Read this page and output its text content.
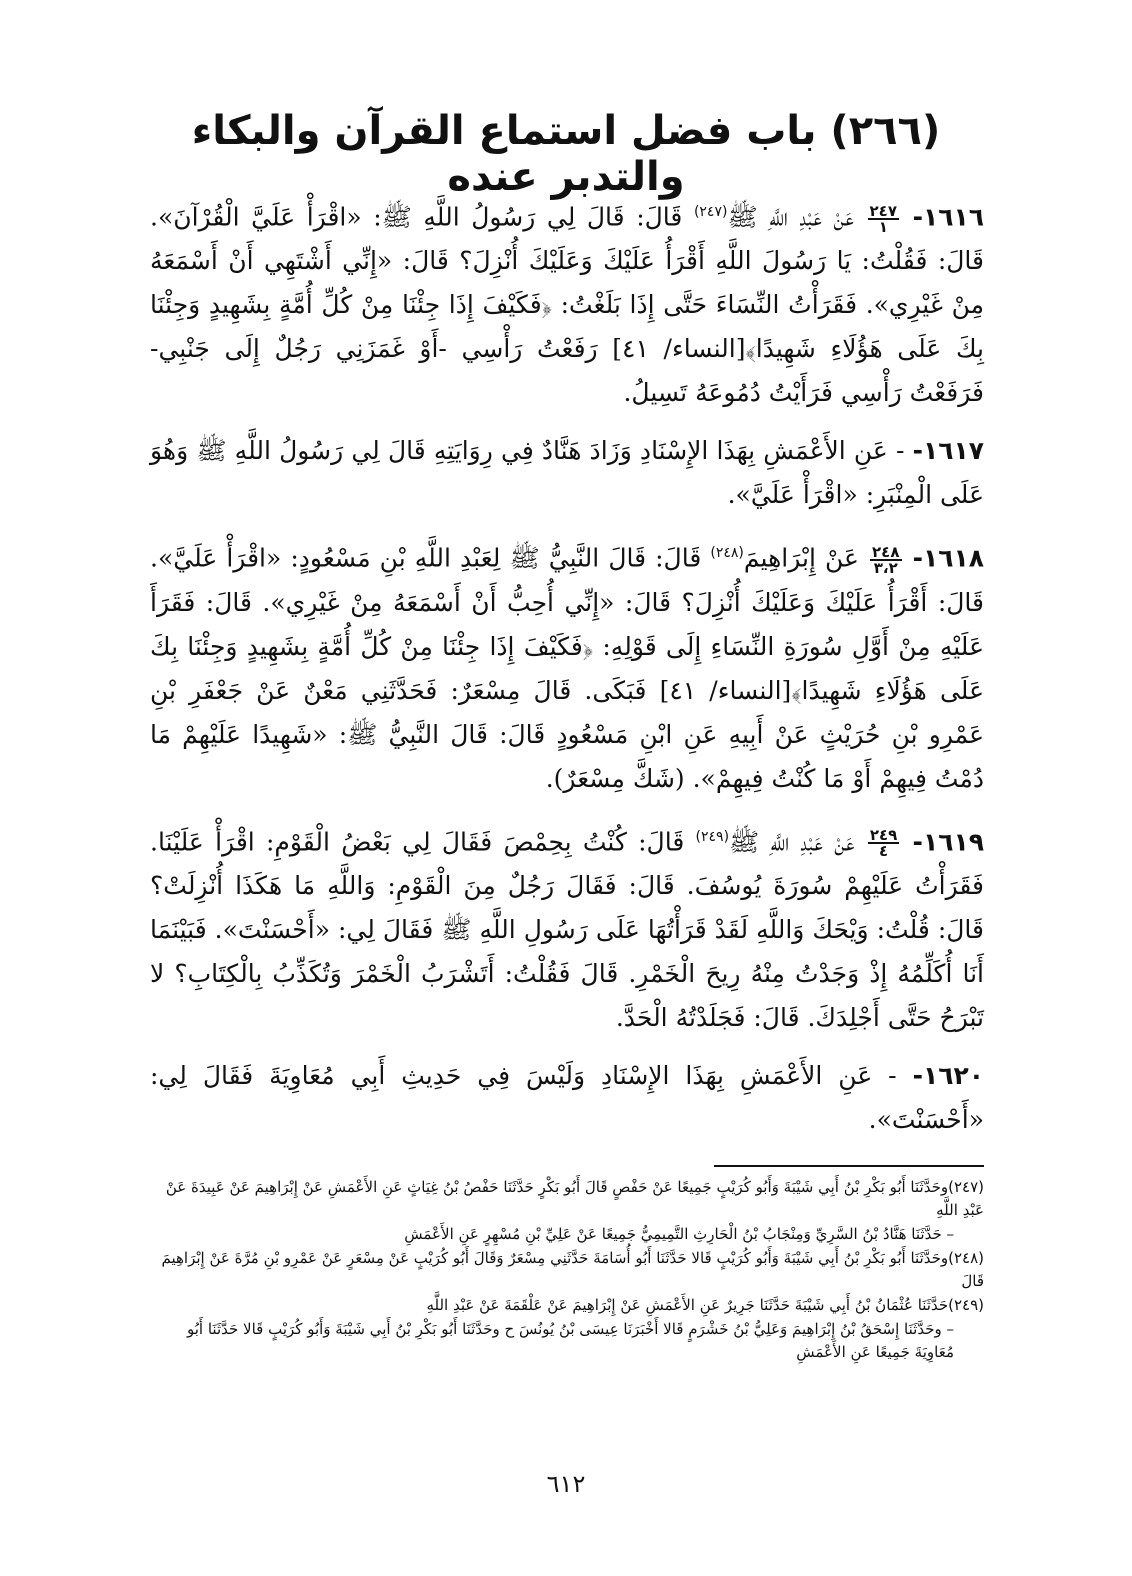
(٢٦٦) باب فضل استماع القرآن والبكاء والتدبر عنده

١٦١٦-
$\frac{٢٤٧}{١}$
عَنْ عَبْدِ اللَّهِ ﷺ$^{(٢٤٧)}$ قَالَ: قَالَ لِي رَسُولُ اللَّهِ ﷺ: «اقْرَأْ عَلَيَّ الْقُرْآنَ». قَالَ: فَقُلْتُ: يَا رَسُولَ اللَّهِ أَقْرَأُ عَلَيْكَ وَعَلَيْكَ أُنْزِلَ؟ قَالَ: «إِنِّي أَشْتَهِي أَنْ أَسْمَعَهُ مِنْ غَيْرِي». فَقَرَأْتُ النِّسَاءَ حَتَّى إِذَا بَلَغْتُ: ﴿فَكَيْفَ إِذَا جِئْنَا مِنْ كُلِّ أُمَّةٍ بِشَهِيدٍ وَجِئْنَا بِكَ عَلَى هَؤُلَاءِ شَهِيدًا﴾[النساء/ ٤١] رَفَعْتُ رَأْسِي -أَوْ غَمَزَنِي رَجُلٌ إِلَى جَنْبِي- فَرَفَعْتُ رَأْسِي فَرَأَيْتُ دُمُوعَهُ تَسِيلُ.

١٦١٧- - عَنِ الأَعْمَشِ بِهَذَا الإِسْنَادِ وَزَادَ هَنَّادٌ فِي رِوَايَتِهِ قَالَ لِي رَسُولُ اللَّهِ ﷺ وَهُوَ عَلَى الْمِنْبَرِ: «اقْرَأْ عَلَيَّ».

١٦١٨-
$\frac{٢٤٨}{٣،٢}$
عَنْ إِبْرَاهِيمَ$^{(٢٤٨)}$ قَالَ: قَالَ النَّبِيُّ ﷺ لِعَبْدِ اللَّهِ بْنِ مَسْعُودٍ: «اقْرَأْ عَلَيَّ». قَالَ: أَقْرَأُ عَلَيْكَ وَعَلَيْكَ أُنْزِلَ؟ قَالَ: «إِنِّي أُحِبُّ أَنْ أَسْمَعَهُ مِنْ غَيْرِي». قَالَ: فَقَرَأَ عَلَيْهِ مِنْ أَوَّلِ سُورَةِ النِّسَاءِ إِلَى قَوْلِهِ: ﴿فَكَيْفَ إِذَا جِئْنَا مِنْ كُلِّ أُمَّةٍ بِشَهِيدٍ وَجِئْنَا بِكَ عَلَى هَؤُلَاءِ شَهِيدًا﴾[النساء/ ٤١] فَبَكَى. قَالَ مِسْعَرٌ: فَحَدَّثَنِي مَعْنٌ عَنْ جَعْفَرِ بْنِ عَمْرِو بْنِ حُرَيْثٍ عَنْ أَبِيهِ عَنِ ابْنِ مَسْعُودٍ قَالَ: قَالَ النَّبِيُّ ﷺ: «شَهِيدًا عَلَيْهِمْ مَا دُمْتُ فِيهِمْ أَوْ مَا كُنْتُ فِيهِمْ». (شَكَّ مِسْعَرٌ).

١٦١٩-
$\frac{٢٤٩}{٤}$
عَنْ عَبْدِ اللَّهِ ﷺ$^{(٢٤٩)}$ قَالَ: كُنْتُ بِحِمْصَ فَقَالَ لِي بَعْضُ الْقَوْمِ: اقْرَأْ عَلَيْنَا. فَقَرَأْتُ عَلَيْهِمْ سُورَةَ يُوسُفَ. قَالَ: فَقَالَ رَجُلٌ مِنَ الْقَوْمِ: وَاللَّهِ مَا هَكَذَا أُنْزِلَتْ؟ قَالَ: قُلْتُ: وَيْحَكَ وَاللَّهِ لَقَدْ قَرَأْتُهَا عَلَى رَسُولِ اللَّهِ ﷺ فَقَالَ لِي: «أَحْسَنْتَ». فَبَيْنَمَا أَنَا أُكَلِّمُهُ إِذْ وَجَدْتُ مِنْهُ رِيحَ الْخَمْرِ. قَالَ فَقُلْتُ: أَتَشْرَبُ الْخَمْرَ وَتُكَذِّبُ بِالْكِتَابِ؟ لا تَبْرَحُ حَتَّى أَجْلِدَكَ. قَالَ: فَجَلَدْتُهُ الْحَدَّ.

١٦٢٠- - عَنِ الأَعْمَشِ بِهَذَا الإِسْنَادِ وَلَيْسَ فِي حَدِيثِ أَبِي مُعَاوِيَةَ فَقَالَ لِي: «أَحْسَنْتَ».

(٢٤٧)وحَدَّثَنَا أَبُو بَكْرِ بْنُ أَبِي شَيْبَةَ وَأَبُو كُرَيْبٍ جَمِيعًا عَنْ حَفْصٍ قَالَ أَبُو بَكْرٍ حَدَّثَنَا حَفْصُ بْنُ غِيَاثٍ عَنِ الأَعْمَشِ عَنْ إِبْرَاهِيمَ عَنْ عَبِيدَةَ عَنْ عَبْدِ اللَّهِ
– حَدَّثَنَا هَنَّادُ بْنُ السَّرِيِّ وَمِنْجَابُ بْنُ الْحَارِثِ التَّمِيمِيُّ جَمِيعًا عَنْ عَلِيِّ بْنِ مُسْهِرٍ عَنِ الأَعْمَشِ
(٢٤٨)وحَدَّثَنَا أَبُو بَكْرِ بْنُ أَبِي شَيْبَةَ وَأَبُو كُرَيْبٍ قَالا حَدَّثَنَا أَبُو أُسَامَةَ حَدَّثَنِي مِسْعَرٌ وَقَالَ أَبُو كُرَيْبٍ عَنْ مِسْعَرٍ عَنْ عَمْرِو بْنِ مُرَّةَ عَنْ إِبْرَاهِيمَ قَالَ
(٢٤٩)حَدَّثَنَا عُثْمَانُ بْنُ أَبِي شَيْبَةَ حَدَّثَنَا جَرِيرٌ عَنِ الأَعْمَشِ عَنْ إِبْرَاهِيمَ عَنْ عَلْقَمَةَ عَنْ عَبْدِ اللَّهِ
– وحَدَّثَنَا إِسْحَقُ بْنُ إِبْرَاهِيمَ وَعَلِيُّ بْنُ خَشْرَمٍ قَالا أَخْبَرَنَا عِيسَى بْنُ يُونُسَ ح وحَدَّثَنَا أَبُو بَكْرِ بْنُ أَبِي شَيْبَةَ وَأَبُو كُرَيْبٍ قَالا حَدَّثَنَا أَبُو مُعَاوِيَةَ جَمِيعًا عَنِ الأَعْمَشِ
٦١٢
